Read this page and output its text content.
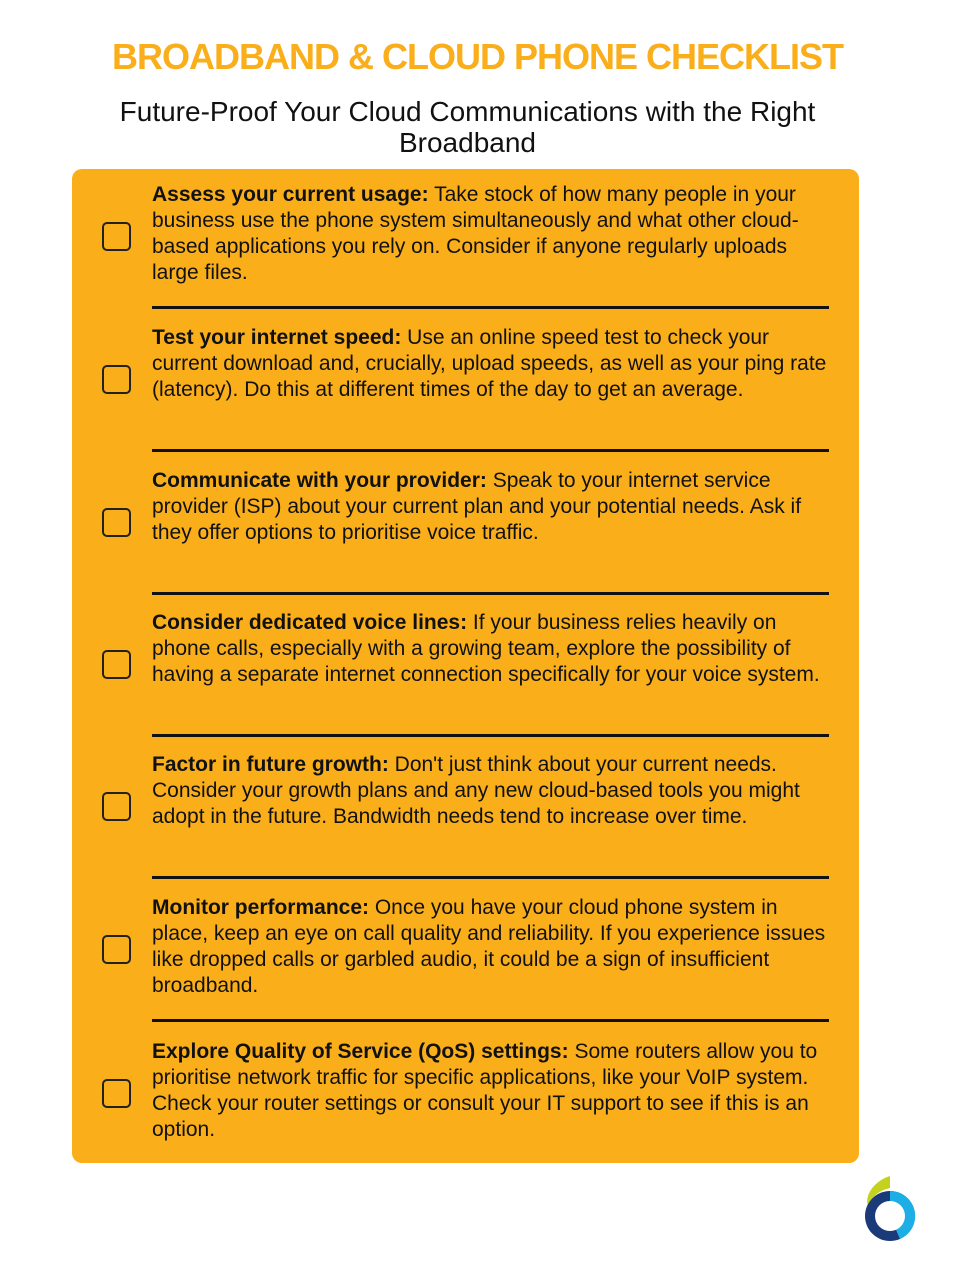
BROADBAND & CLOUD PHONE CHECKLIST
Future-Proof Your Cloud Communications with the Right Broadband
Assess your current usage: Take stock of how many people in your business use the phone system simultaneously and what other cloud-based applications you rely on. Consider if anyone regularly uploads large files.
Test your internet speed: Use an online speed test to check your current download and, crucially, upload speeds, as well as your ping rate (latency). Do this at different times of the day to get an average.
Communicate with your provider: Speak to your internet service provider (ISP) about your current plan and your potential needs. Ask if they offer options to prioritise voice traffic.
Consider dedicated voice lines: If your business relies heavily on phone calls, especially with a growing team, explore the possibility of having a separate internet connection specifically for your voice system.
Factor in future growth: Don't just think about your current needs. Consider your growth plans and any new cloud-based tools you might adopt in the future. Bandwidth needs tend to increase over time.
Monitor performance: Once you have your cloud phone system in place, keep an eye on call quality and reliability. If you experience issues like dropped calls or garbled audio, it could be a sign of insufficient broadband.
Explore Quality of Service (QoS) settings: Some routers allow you to prioritise network traffic for specific applications, like your VoIP system. Check your router settings or consult your IT support to see if this is an option.
